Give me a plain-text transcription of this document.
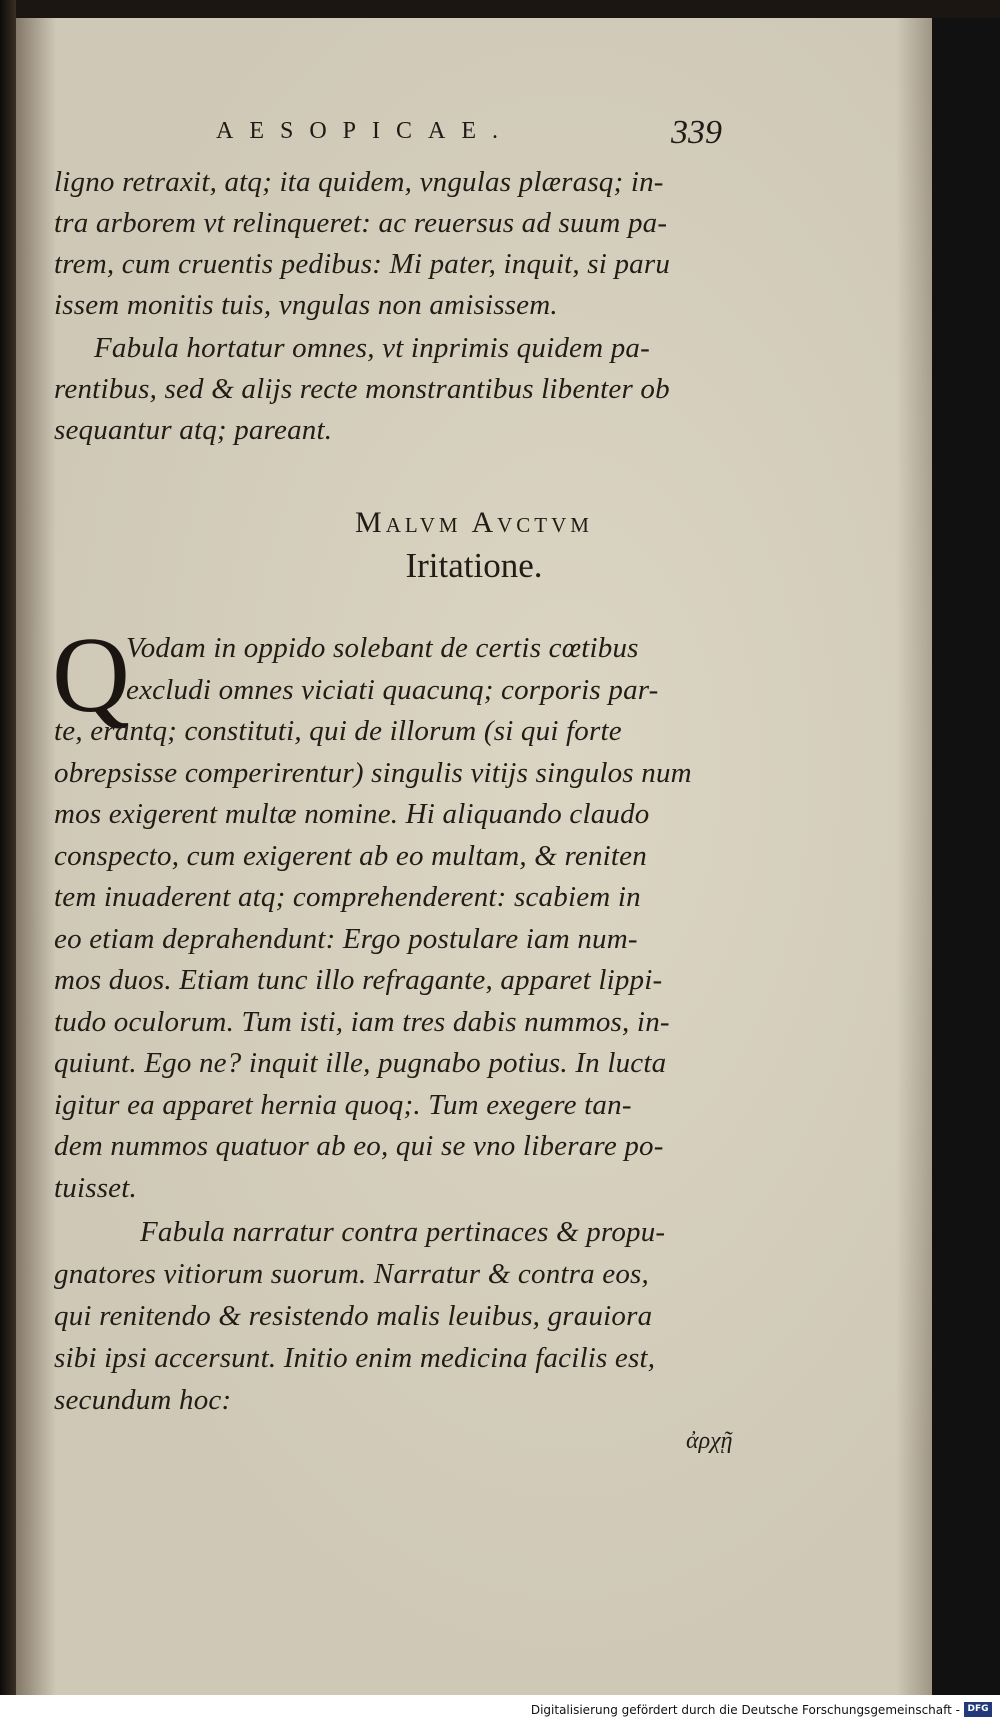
AESOPICAE.	339
ligno retraxit, atq; ita quidem, vngulas plærasq; in-
tra arborem vt relinqueret: ac reuersus ad suum pa-
trem, cum cruentis pedibus: Mi pater, inquit, si paru
issem monitis tuis, vngulas non amisissem.
Fabula hortatur omnes, vt inprimis quidem pa-
rentibus, sed & alijs recte monstrantibus libenter ob
sequantur atq; pareant.
Malvm Avctvm
Iritatione.
Q
Vodam in oppido solebant de certis cœtibus
excludi omnes viciati quacunq; corporis par-
te, erantq; constituti, qui de illorum (si qui forte
obrepsisse comperirentur) singulis vitijs singulos num
mos exigerent multæ nomine. Hi aliquando claudo
conspecto, cum exigerent ab eo multam, & reniten
tem inuaderent atq; comprehenderent: scabiem in
eo etiam deprahendunt: Ergo postulare iam num-
mos duos. Etiam tunc illo refragante, apparet lippi-
tudo oculorum. Tum isti, iam tres dabis nummos, in-
quiunt. Ego ne? inquit ille, pugnabo potius. In lucta
igitur ea apparet hernia quoq;. Tum exegere tan-
dem nummos quatuor ab eo, qui se vno liberare po-
tuisset.
Fabula narratur contra pertinaces & propu-
gnatores vitiorum suorum. Narratur & contra eos,
qui renitendo & resistendo malis leuibus, grauiora
sibi ipsi accersunt. Initio enim medicina facilis est,
secundum hoc:
ἀρχῇ
Digitalisierung gefördert durch die Deutsche Forschungsgemeinschaft - DFG
